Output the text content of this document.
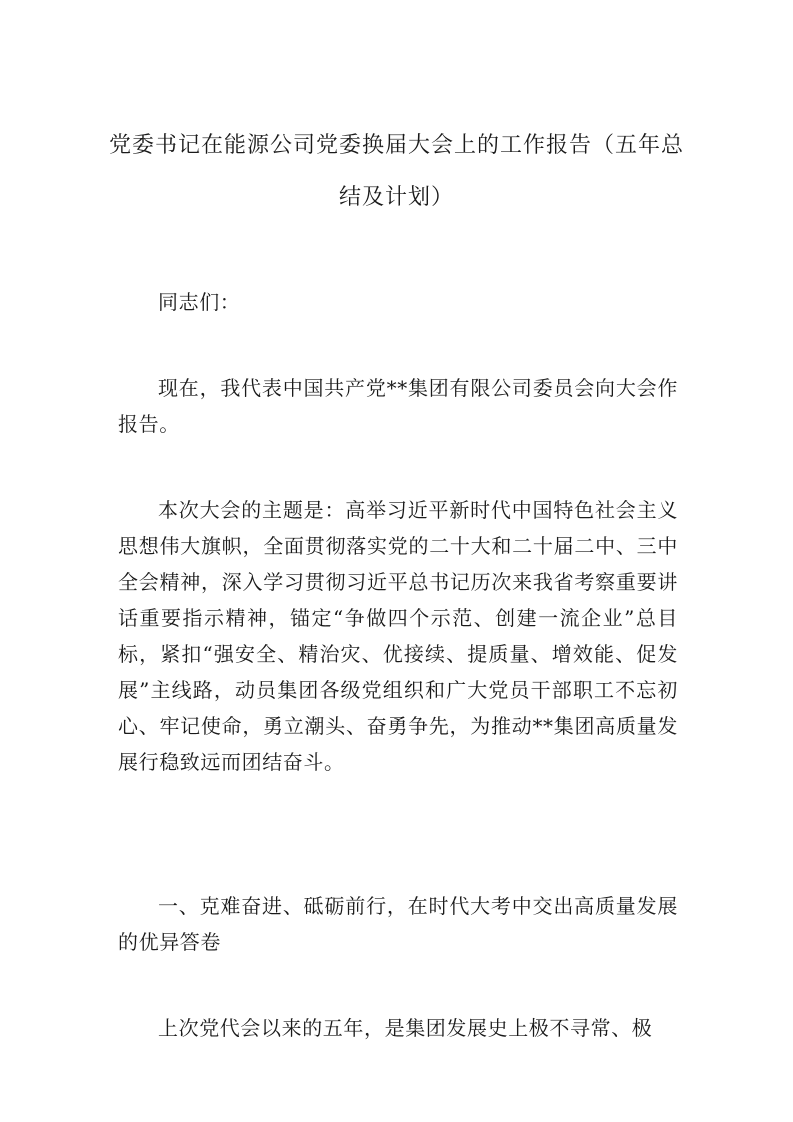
党委书记在能源公司党委换届大会上的工作报告（五年总结及计划）

同志们：

现在，我代表中国共产党**集团有限公司委员会向大会作报告。

本次大会的主题是：高举习近平新时代中国特色社会主义思想伟大旗帜，全面贯彻落实党的二十大和二十届二中、三中全会精神，深入学习贯彻习近平总书记历次来我省考察重要讲话重要指示精神，锚定“争做四个示范、创建一流企业”总目标，紧扣“强安全、精治灾、优接续、提质量、增效能、促发展”主线路，动员集团各级党组织和广大党员干部职工不忘初心、牢记使命，勇立潮头、奋勇争先，为推动**集团高质量发展行稳致远而团结奋斗。

一、克难奋进、砥砺前行，在时代大考中交出高质量发展的优异答卷

上次党代会以来的五年，是集团发展史上极不寻常、极
